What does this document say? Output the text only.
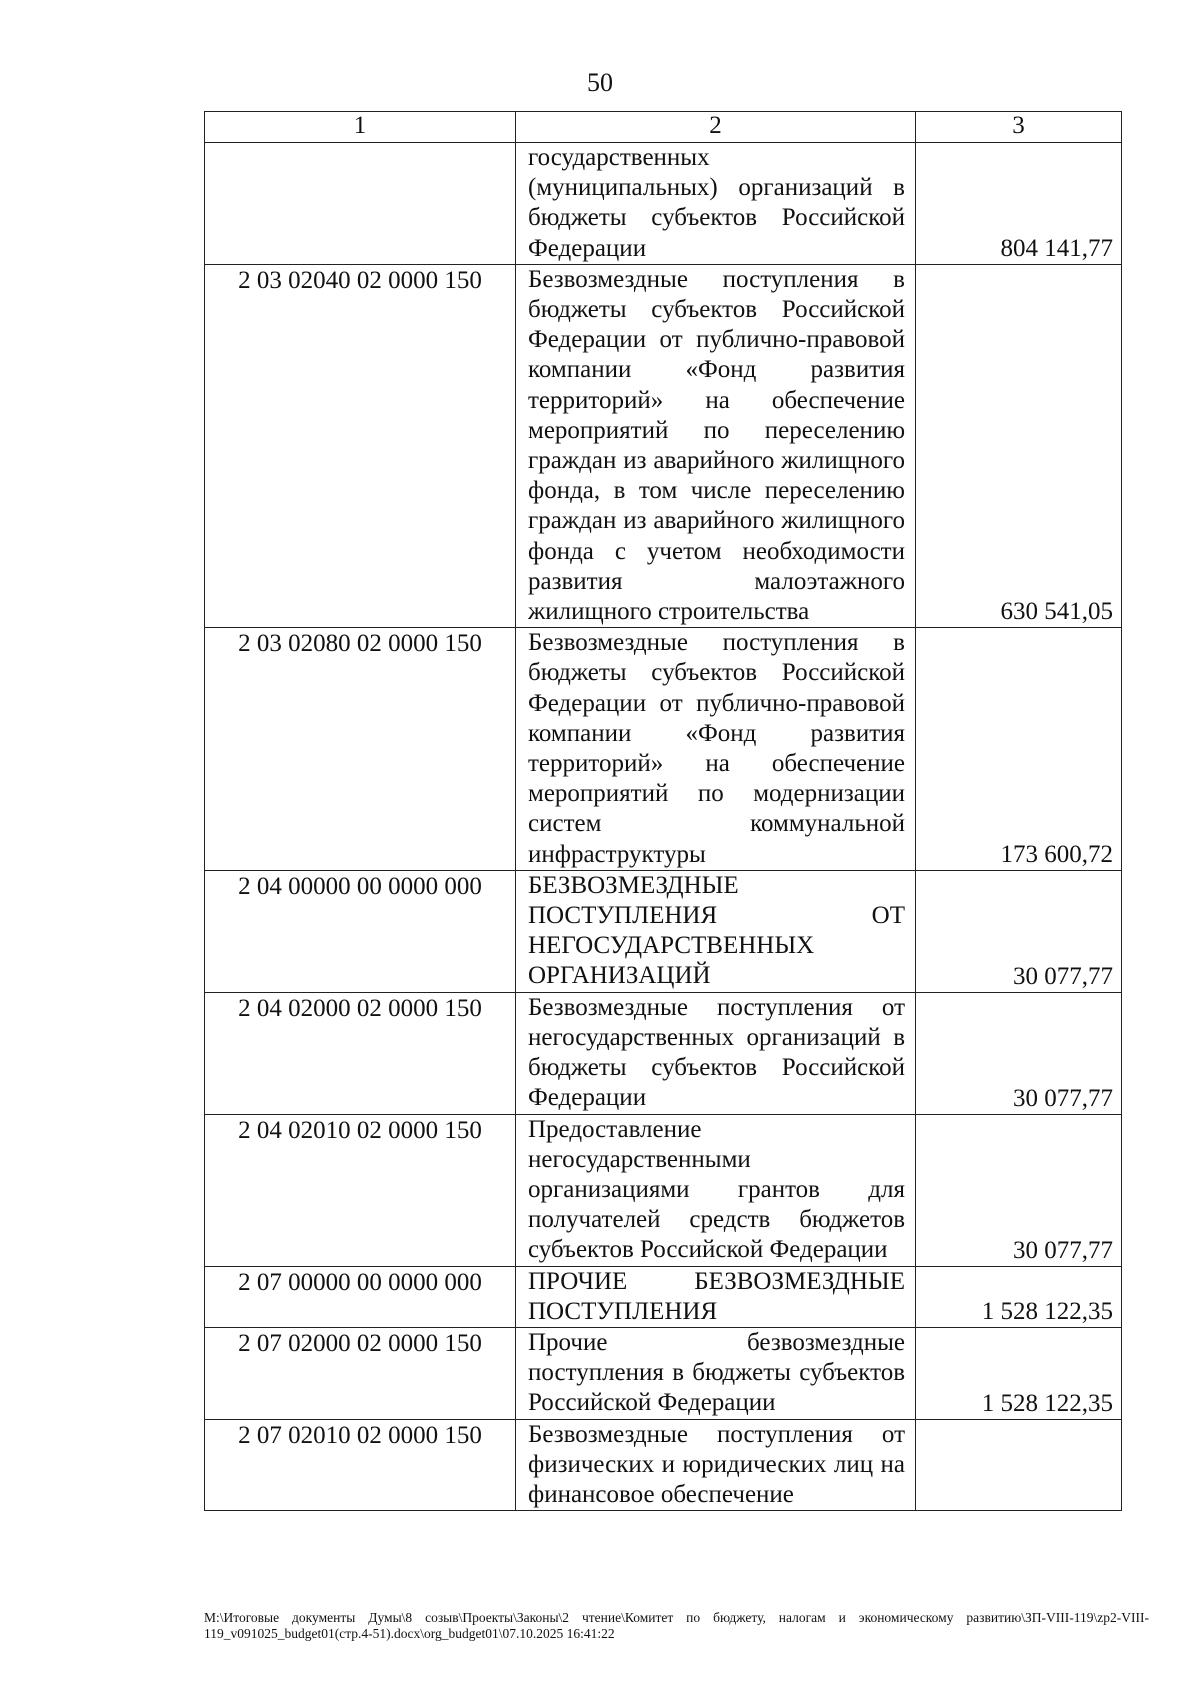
50
1	2	3
	государственных (муниципальных) организаций в бюджеты субъектов Российской Федерации	804 141,77

2 03 02040 02 0000 150	Безвозмездные поступления в бюджеты субъектов Российской Федерации от публично-правовой компании «Фонд развития территорий» на обеспечение мероприятий по переселению граждан из аварийного жилищного фонда, в том числе переселению граждан из аварийного жилищного фонда с учетом необходимости развития малоэтажного жилищного строительства	630 541,05

2 03 02080 02 0000 150	Безвозмездные поступления в бюджеты субъектов Российской Федерации от публично-правовой компании «Фонд развития территорий» на обеспечение мероприятий по модернизации систем коммунальной инфраструктуры	173 600,72

2 04 00000 00 0000 000	БЕЗВОЗМЕЗДНЫЕ ПОСТУПЛЕНИЯ ОТ НЕГОСУДАРСТВЕННЫХ ОРГАНИЗАЦИЙ	30 077,77

2 04 02000 02 0000 150	Безвозмездные поступления от негосударственных организаций в бюджеты субъектов Российской Федерации	30 077,77

2 04 02010 02 0000 150	Предоставление негосударственными организациями грантов для получателей средств бюджетов субъектов Российской Федерации	30 077,77

2 07 00000 00 0000 000	ПРОЧИЕ БЕЗВОЗМЕЗДНЫЕ ПОСТУПЛЕНИЯ	1 528 122,35

2 07 02000 02 0000 150	Прочие безвозмездные поступления в бюджеты субъектов Российской Федерации	1 528 122,35

2 07 02010 02 0000 150	Безвозмездные поступления от физических и юридических лиц на финансовое обеспечение	
M:\Итоговые документы Думы\8 созыв\Проекты\Законы\2 чтение\Комитет по бюджету, налогам и экономическому развитию\ЗП-VIII-119\zp2-VIII-119_v091025_budget01(стр.4-51).docx\org_budget01\07.10.2025 16:41:22
